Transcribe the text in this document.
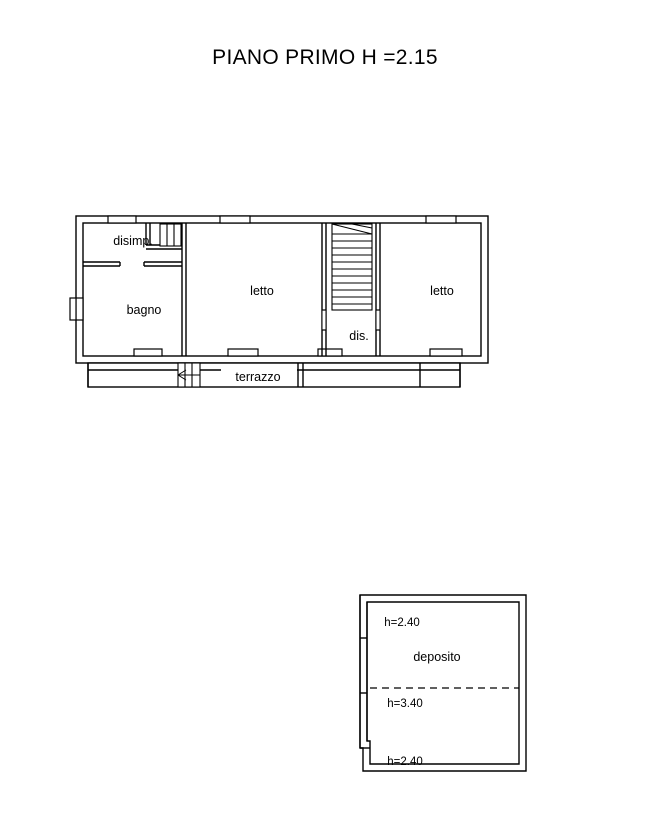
PIANO PRIMO H =2.15
disimp.
bagno
letto
dis.
letto
terrazzo
h=2.40
deposito
h=3.40
h=2.40
